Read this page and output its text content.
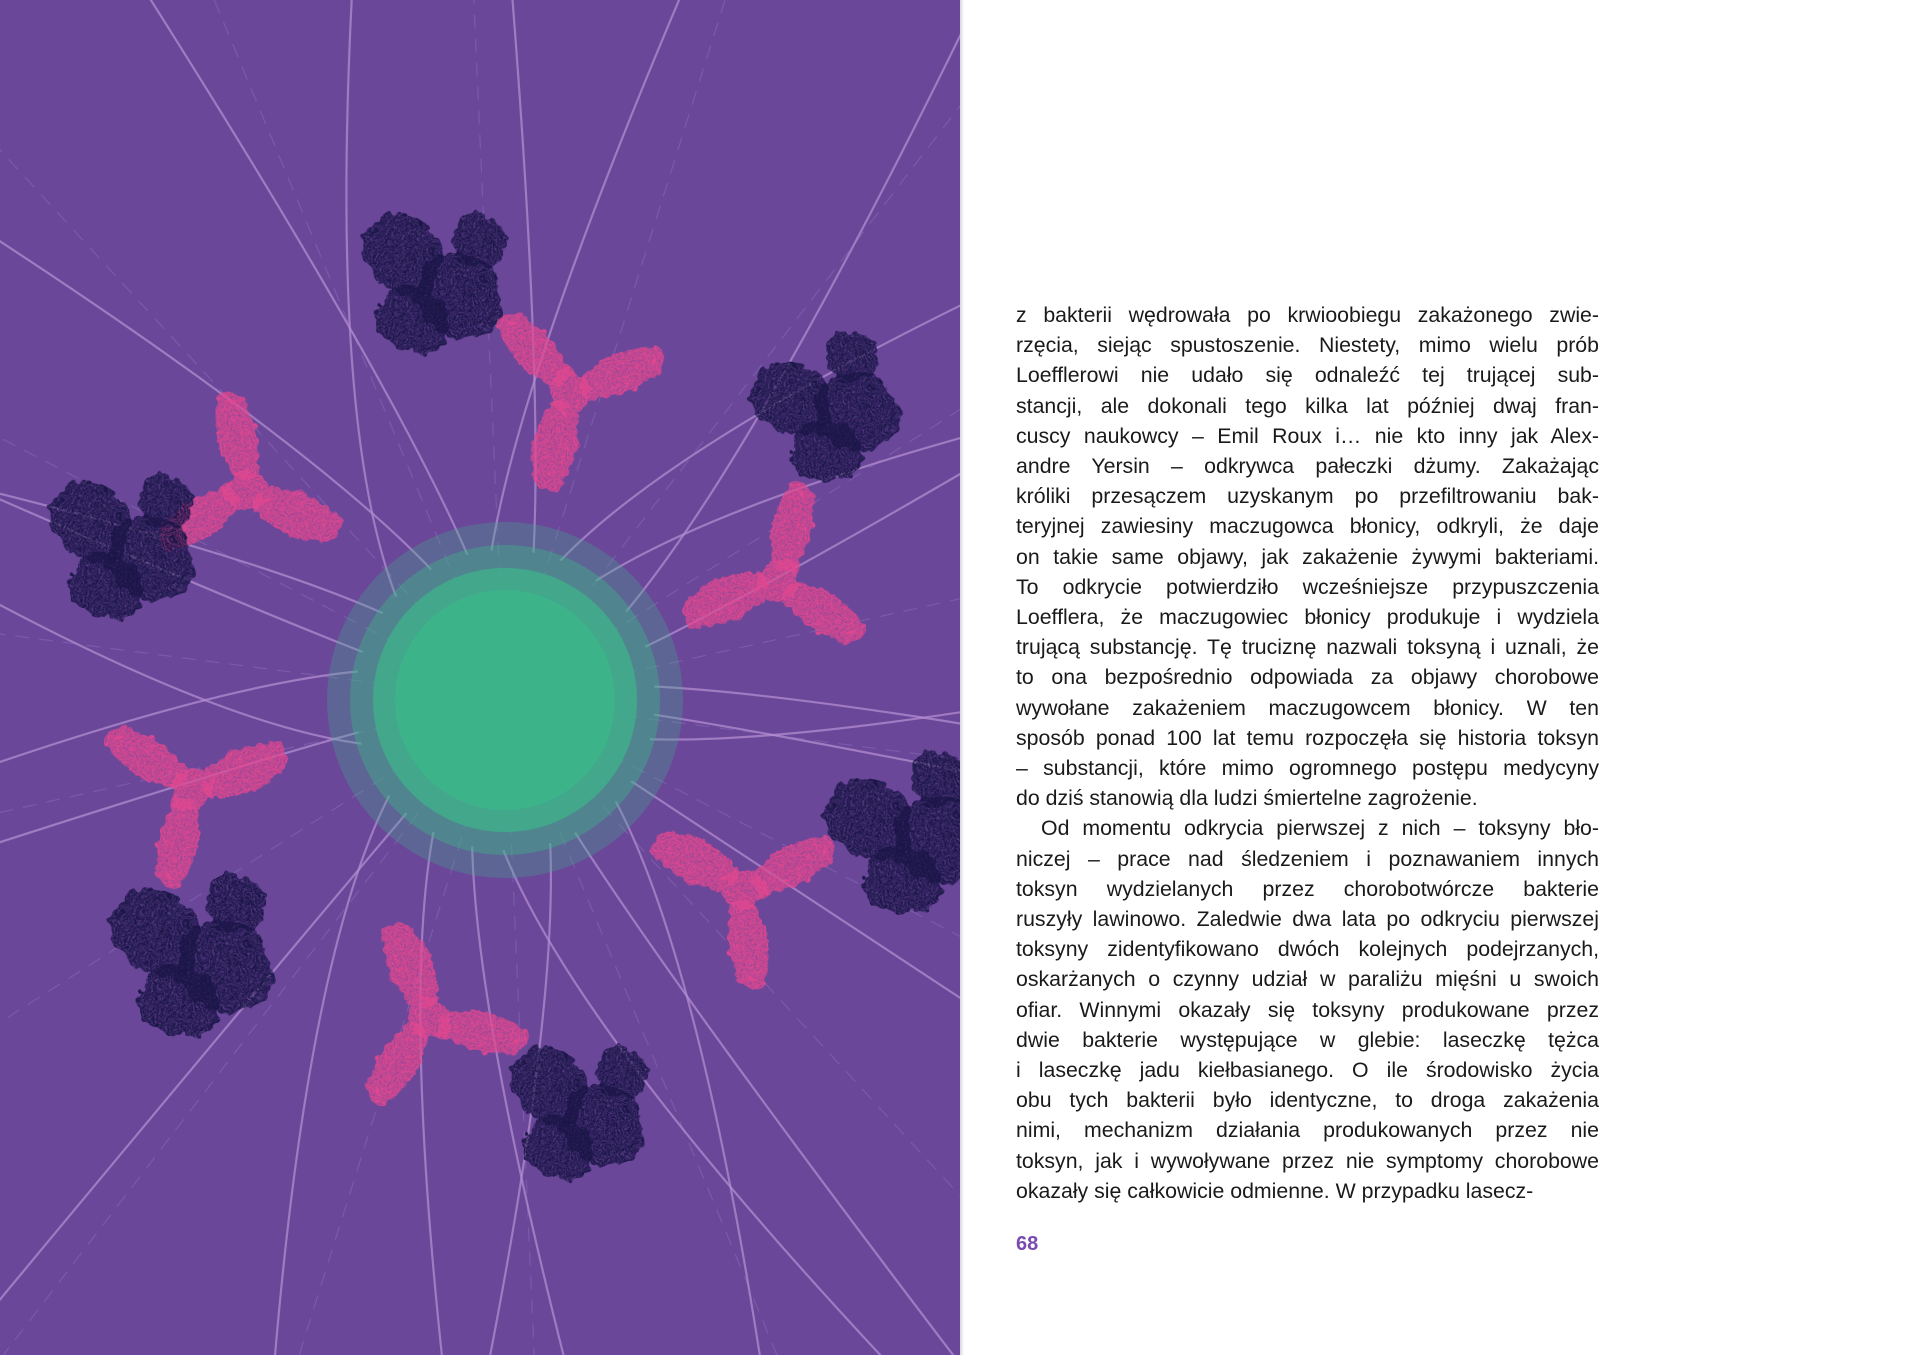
z bakterii wędrowała po krwioobiegu zakażonego zwie-
rzęcia, siejąc spustoszenie. Niestety, mimo wielu prób
Loefflerowi nie udało się odnaleźć tej trującej sub-
stancji, ale dokonali tego kilka lat później dwaj fran-
cuscy naukowcy – Emil Roux i… nie kto inny jak Alex-
andre Yersin – odkrywca pałeczki dżumy. Zakażając
króliki przesączem uzyskanym po przefiltrowaniu bak-
teryjnej zawiesiny maczugowca błonicy, odkryli, że daje
on takie same objawy, jak zakażenie żywymi bakteriami.
To odkrycie potwierdziło wcześniejsze przypuszczenia
Loefflera, że maczugowiec błonicy produkuje i wydziela
trującą substancję. Tę truciznę nazwali toksyną i uznali, że
to ona bezpośrednio odpowiada za objawy chorobowe
wywołane zakażeniem maczugowcem błonicy. W ten
sposób ponad 100 lat temu rozpoczęła się historia toksyn
– substancji, które mimo ogromnego postępu medycyny
do dziś stanowią dla ludzi śmiertelne zagrożenie.

Od momentu odkrycia pierwszej z nich – toksyny bło-
niczej – prace nad śledzeniem i poznawaniem innych
toksyn wydzielanych przez chorobotwórcze bakterie
ruszyły lawinowo. Zaledwie dwa lata po odkryciu pierwszej
toksyny zidentyfikowano dwóch kolejnych podejrzanych,
oskarżanych o czynny udział w paraliżu mięśni u swoich
ofiar. Winnymi okazały się toksyny produkowane przez
dwie bakterie występujące w glebie: laseczkę tężca
i laseczkę jadu kiełbasianego. O ile środowisko życia
obu tych bakterii było identyczne, to droga zakażenia
nimi, mechanizm działania produkowanych przez nie
toksyn, jak i wywoływane przez nie symptomy chorobowe
okazały się całkowicie odmienne. W przypadku lasecz-

68
